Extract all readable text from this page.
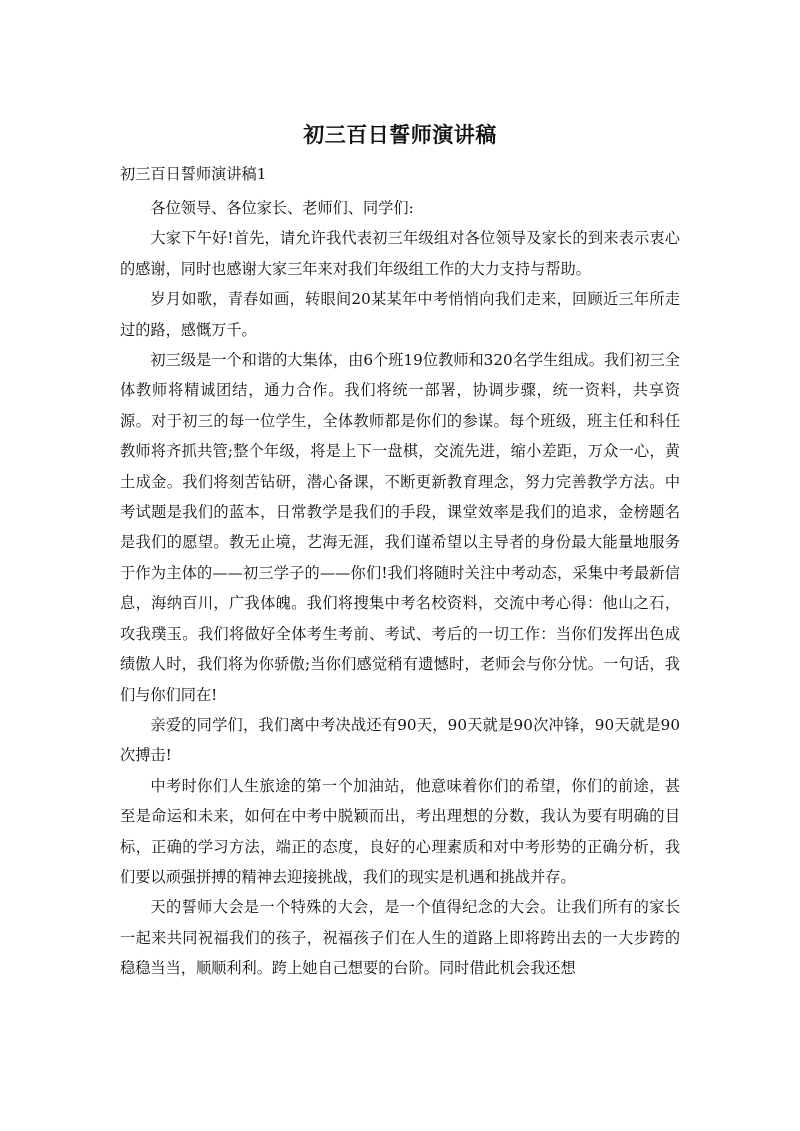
初三百日誓师演讲稿
初三百日誓师演讲稿1

各位领导、各位家长、老师们、同学们:

大家下午好!首先，请允许我代表初三年级组对各位领导及家长的到来表示衷心的感谢，同时也感谢大家三年来对我们年级组工作的大力支持与帮助。

岁月如歌，青春如画，转眼间20某某年中考悄悄向我们走来，回顾近三年所走过的路，感慨万千。

初三级是一个和谐的大集体，由6个班19位教师和320名学生组成。我们初三全体教师将精诚团结，通力合作。我们将统一部署，协调步骤，统一资料，共享资源。对于初三的每一位学生，全体教师都是你们的参谋。每个班级，班主任和科任教师将齐抓共管;整个年级，将是上下一盘棋，交流先进，缩小差距，万众一心，黄土成金。我们将刻苦钻研，潜心备课，不断更新教育理念，努力完善教学方法。中考试题是我们的蓝本，日常教学是我们的手段，课堂效率是我们的追求，金榜题名是我们的愿望。教无止境，艺海无涯，我们谨希望以主导者的身份最大能量地服务于作为主体的——初三学子的——你们!我们将随时关注中考动态，采集中考最新信息，海纳百川，广我体魄。我们将搜集中考名校资料，交流中考心得：他山之石，攻我璞玉。我们将做好全体考生考前、考试、考后的一切工作：当你们发挥出色成绩傲人时，我们将为你骄傲;当你们感觉稍有遗憾时，老师会与你分忧。一句话，我们与你们同在!

亲爱的同学们，我们离中考决战还有90天，90天就是90次冲锋，90天就是90次搏击!

中考时你们人生旅途的第一个加油站，他意味着你们的希望，你们的前途，甚至是命运和未来，如何在中考中脱颖而出，考出理想的分数，我认为要有明确的目标，正确的学习方法，端正的态度，良好的心理素质和对中考形势的正确分析，我们要以顽强拼搏的精神去迎接挑战，我们的现实是机遇和挑战并存。

天的誓师大会是一个特殊的大会，是一个值得纪念的大会。让我们所有的家长一起来共同祝福我们的孩子，祝福孩子们在人生的道路上即将跨出去的一大步跨的稳稳当当，顺顺利利。跨上她自己想要的台阶。同时借此机会我还想
